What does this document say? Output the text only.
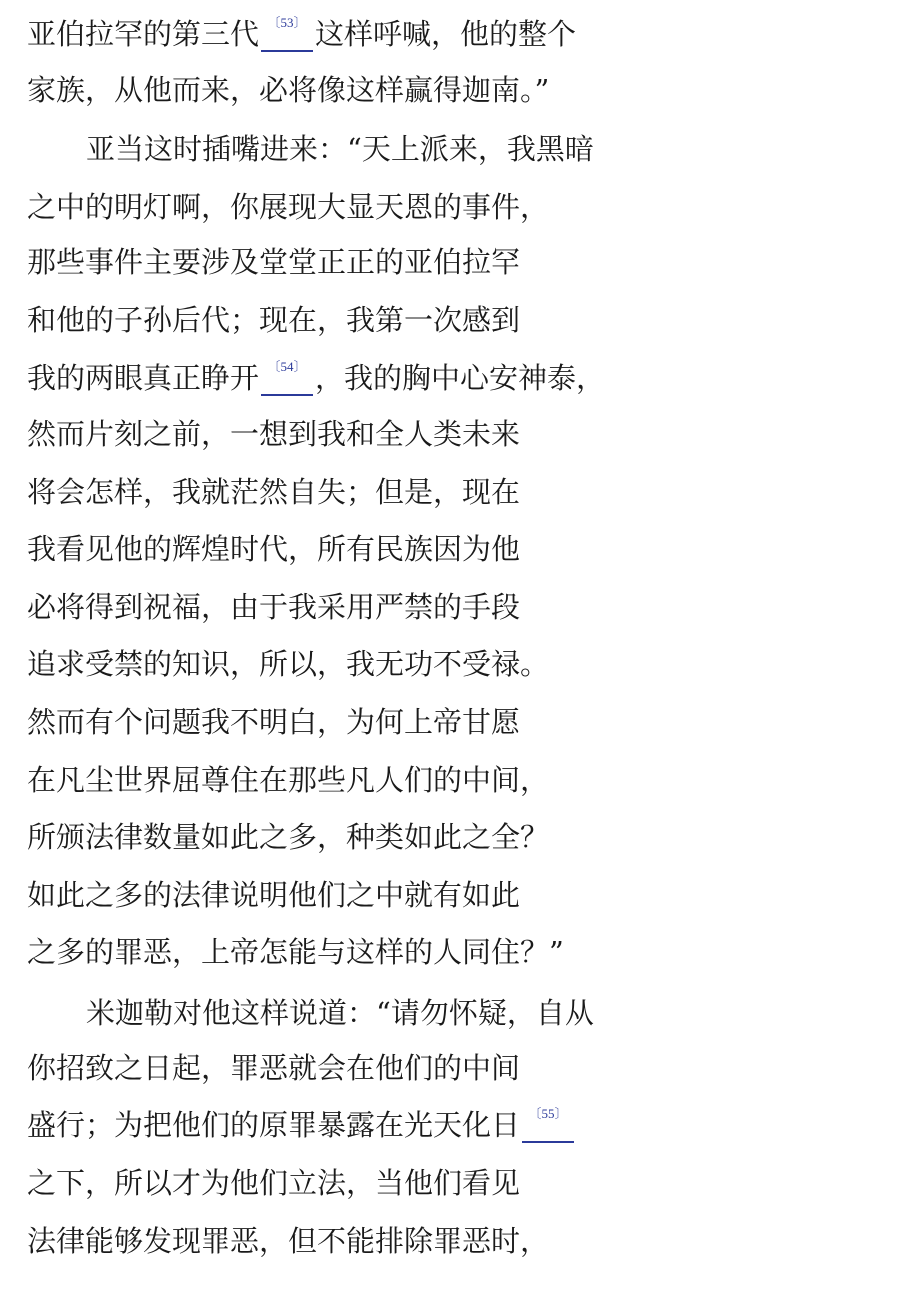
亚伯拉罕的第三代 〔53〕 这样呼喊，他的整个
家族，从他而来，必将像这样赢得迦南。”
亚当这时插嘴进来：“天上派来，我黑暗
之中的明灯啊，你展现大显天恩的事件，
那些事件主要涉及堂堂正正的亚伯拉罕
和他的子孙后代；现在，我第一次感到
我的两眼真正睁开 〔54〕 ，我的胸中心安神泰，
然而片刻之前，一想到我和全人类未来
将会怎样，我就茫然自失；但是，现在
我看见他的辉煌时代，所有民族因为他
必将得到祝福，由于我采用严禁的手段
追求受禁的知识，所以，我无功不受禄。
然而有个问题我不明白，为何上帝甘愿
在凡尘世界屈尊住在那些凡人们的中间，
所颁法律数量如此之多，种类如此之全？
如此之多的法律说明他们之中就有如此
之多的罪恶，上帝怎能与这样的人同住？”
米迦勒对他这样说道：“请勿怀疑，自从
你招致之日起，罪恶就会在他们的中间
盛行；为把他们的原罪暴露在光天化日 〔55〕
之下，所以才为他们立法，当他们看见
法律能够发现罪恶，但不能排除罪恶时，
